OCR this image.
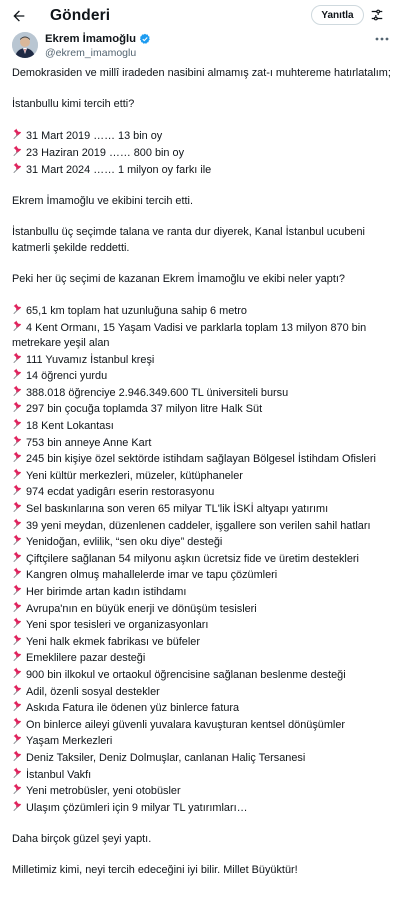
Gönderi	Yanıtla
Ekrem İmamoğlu
@ekrem_imamoglu
Demokrasiden ve millî iradeden nasibini almamış zat-ı muhtereme hatırlatalım;
İstanbullu kimi tercih etti?
31 Mart 2019 …… 13 bin oy
23 Haziran 2019 …… 800 bin oy
31 Mart 2024 …… 1 milyon oy farkı ile
Ekrem İmamoğlu ve ekibini tercih etti.
İstanbullu üç seçimde talana ve ranta dur diyerek, Kanal İstanbul ucubeni katmerli şekilde reddetti.
Peki her üç seçimi de kazanan Ekrem İmamoğlu ve ekibi neler yaptı?
65,1 km toplam hat uzunluğuna sahip 6 metro
4 Kent Ormanı, 15 Yaşam Vadisi ve parklarla toplam 13 milyon 870 bin metrekare yeşil alan
111 Yuvamız İstanbul kreşi
14 öğrenci yurdu
388.018 öğrenciye 2.946.349.600 TL üniversiteli bursu
297 bin çocuğa toplamda 37 milyon litre Halk Süt
18 Kent Lokantası
753 bin anneye Anne Kart
245 bin kişiye özel sektörde istihdam sağlayan Bölgesel İstihdam Ofisleri
Yeni kültür merkezleri, müzeler, kütüphaneler
974 ecdat yadigârı eserin restorasyonu
Sel baskınlarına son veren 65 milyar TL'lik İSKİ altyapı yatırımı
39 yeni meydan, düzenlenen caddeler, işgallere son verilen sahil hatları
Yenidoğan, evlilik, “sen oku diye” desteği
Çiftçilere sağlanan 54 milyonu aşkın ücretsiz fide ve üretim destekleri
Kangren olmuş mahallelerde imar ve tapu çözümleri
Her birimde artan kadın istihdamı
Avrupa'nın en büyük enerji ve dönüşüm tesisleri
Yeni spor tesisleri ve organizasyonları
Yeni halk ekmek fabrikası ve büfeler
Emeklilere pazar desteği
900 bin ilkokul ve ortaokul öğrencisine sağlanan beslenme desteği
Adil, özenli sosyal destekler
Askıda Fatura ile ödenen yüz binlerce fatura
On binlerce aileyi güvenli yuvalara kavuşturan kentsel dönüşümler
Yaşam Merkezleri
Deniz Taksiler, Deniz Dolmuşlar, canlanan Haliç Tersanesi
İstanbul Vakfı
Yeni metrobüsler, yeni otobüsler
Ulaşım çözümleri için 9 milyar TL yatırımları…
Daha birçok güzel şeyi yaptı.
Milletimiz kimi, neyi tercih edeceğini iyi bilir. Millet Büyüktür!
